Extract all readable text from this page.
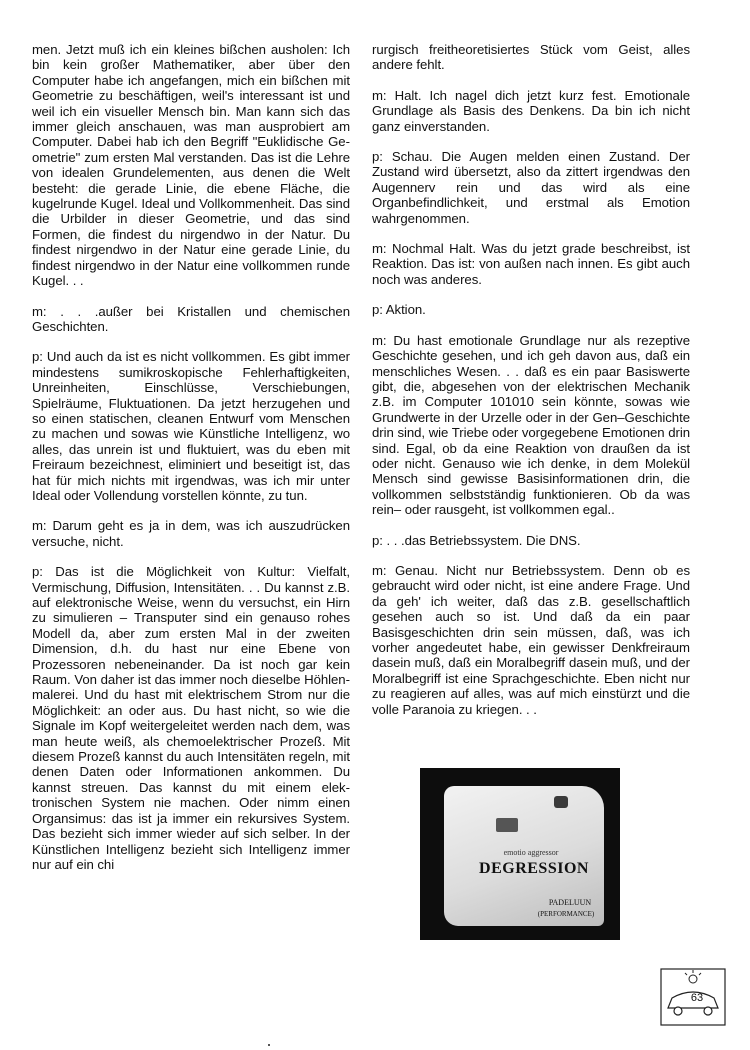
men. Jetzt muß ich ein kleines bißchen ausholen: Ich bin kein großer Mathematiker, aber über den Computer habe ich angefangen, mich ein bißchen mit Geometrie zu beschäftigen, weil's interessant ist und weil ich ein visueller Mensch bin. Man kann sich das immer gleich anschauen, was man ausprobiert am Computer. Dabei hab ich den Begriff "Euklidische Geometrie" zum ersten Mal verstanden. Das ist die Lehre von idealen Grundelementen, aus denen die Welt besteht: die gerade Linie, die ebene Fläche, die kugelrunde Kugel. Ideal und Vollkommenheit. Das sind die Urbilder in dieser Geometrie, und das sind Formen, die findest du nirgendwo in der Natur. Du findest nirgendwo in der Natur eine gerade Linie, du findest nirgendwo in der Natur eine vollkommen runde Kugel. . .

m: . . .außer bei Kristallen und chemischen Geschichten.

p: Und auch da ist es nicht vollkommen. Es gibt immer mindestens sumikroskopische Fehlerhaftigkeiten, Unreinheiten, Einschlüsse, Verschiebungen, Spielräume, Fluktuationen. Da jetzt herzugehen und so einen statischen, cleanen Entwurf vom Menschen zu machen und sowas wie Künstliche Intelligenz, wo alles, das unrein ist und fluktuiert, was du eben mit Freiraum bezeichnest, eliminiert und beseitigt ist, das hat für mich nichts mit irgendwas, was ich mir unter Ideal oder Vollendung vorstellen könnte, zu tun.

m: Darum geht es ja in dem, was ich auszudrücken versuche, nicht.

p: Das ist die Möglichkeit von Kultur: Vielfalt, Vermischung, Diffusion, Intensitäten. . . Du kannst z.B. auf elektronische Weise, wenn du versuchst, ein Hirn zu simulieren – Transputer sind ein genauso rohes Modell da, aber zum ersten Mal in der zweiten Dimension, d.h. du hast nur eine Ebene von Prozessoren nebeneinander. Da ist noch gar kein Raum. Von daher ist das immer noch dieselbe Höhlenmalerei. Und du hast mit elektrischem Strom nur die Möglichkeit: an oder aus. Du hast nicht, so wie die Signale im Kopf weitergeleitet werden nach dem, was man heute weiß, als chemoelektrischer Prozeß. Mit diesem Prozeß kannst du auch Intensitäten regeln, mit denen Daten oder Informationen ankommen. Du kannst streuen. Das kannst du mit einem elektronischen System nie machen. Oder nimm einen Organsimus: das ist ja immer ein rekursives System. Das bezieht sich immer wieder auf sich selber. In der Künstlichen Intelligenz bezieht sich Intelligenz immer nur auf ein chi

rurgisch freitheoretisiertes Stück vom Geist, alles andere fehlt.

m: Halt. Ich nagel dich jetzt kurz fest. Emotionale Grundlage als Basis des Denkens. Da bin ich nicht ganz einverstanden.

p: Schau. Die Augen melden einen Zustand. Der Zustand wird übersetzt, also da zittert irgendwas den Augennerv rein und das wird als eine Organbefindlichkeit, und erstmal als Emotion wahrgenommen.

m: Nochmal Halt. Was du jetzt grade beschreibst, ist Reaktion. Das ist: von außen nach innen. Es gibt auch noch was anderes.

p: Aktion.

m: Du hast emotionale Grundlage nur als rezeptive Geschichte gesehen, und ich geh davon aus, daß ein menschliches Wesen. . . daß es ein paar Basiswerte gibt, die, abgesehen von der elektrischen Mechanik z.B. im Computer 101010 sein könnte, sowas wie Grundwerte in der Urzelle oder in der Gen–Geschichte drin sind, wie Triebe oder vorgegebene Emotionen drin sind. Egal, ob da eine Reaktion von draußen da ist oder nicht. Genauso wie ich denke, in dem Molekül Mensch sind gewisse Basisinformationen drin, die vollkommen selbstständig funktionieren. Ob da was rein– oder rausgeht, ist vollkommen egal..

p: . . .das Betriebssystem. Die DNS.

m: Genau. Nicht nur Betriebssystem. Denn ob es gebraucht wird oder nicht, ist eine andere Frage. Und da geh' ich weiter, daß das z.B. gesellschaftlich gesehen auch so ist. Und daß da ein paar Basisgeschichten drin sein müssen, daß, was ich vorher angedeutet habe, ein gewisser Denkfreiraum dasein muß, daß ein Moralbegriff dasein muß, und der Moralbegriff ist eine Sprachgeschichte. Eben nicht nur zu reagieren auf alles, was auf mich einstürzt und die volle Paranoia zu kriegen. . .

emotio aggressor
DEGRESSION
PADELUUN
(PERFORMANCE)
63
